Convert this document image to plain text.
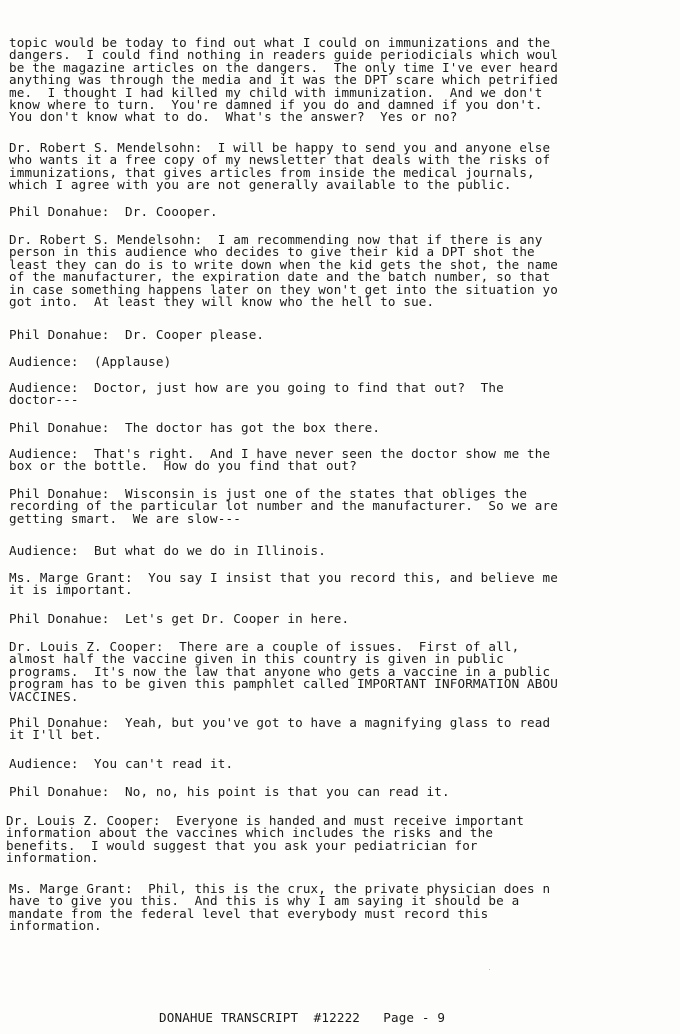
topic would be today to find out what I could on immunizations and the
dangers.  I could find nothing in readers guide periodicials which woul
be the magazine articles on the dangers.  The only time I've ever heard
anything was through the media and it was the DPT scare which petrified
me.  I thought I had killed my child with immunization.  And we don't
know where to turn.  You're damned if you do and damned if you don't.
You don't know what to do.  What's the answer?  Yes or no?
Dr. Robert S. Mendelsohn:  I will be happy to send you and anyone else
who wants it a free copy of my newsletter that deals with the risks of
immunizations, that gives articles from inside the medical journals,
which I agree with you are not generally available to the public.
Phil Donahue:  Dr. Coooper.
Dr. Robert S. Mendelsohn:  I am recommending now that if there is any
person in this audience who decides to give their kid a DPT shot the
least they can do is to write down when the kid gets the shot, the name
of the manufacturer, the expiration date and the batch number, so that
in case something happens later on they won't get into the situation yo
got into.  At least they will know who the hell to sue.
Phil Donahue:  Dr. Cooper please.
Audience:  (Applause)
Audience:  Doctor, just how are you going to find that out?  The
doctor---
Phil Donahue:  The doctor has got the box there.
Audience:  That's right.  And I have never seen the doctor show me the
box or the bottle.  How do you find that out?
Phil Donahue:  Wisconsin is just one of the states that obliges the
recording of the particular lot number and the manufacturer.  So we are
getting smart.  We are slow---
Audience:  But what do we do in Illinois.
Ms. Marge Grant:  You say I insist that you record this, and believe me
it is important.
Phil Donahue:  Let's get Dr. Cooper in here.
Dr. Louis Z. Cooper:  There are a couple of issues.  First of all,
almost half the vaccine given in this country is given in public
programs.  It's now the law that anyone who gets a vaccine in a public
program has to be given this pamphlet called IMPORTANT INFORMATION ABOU
VACCINES.
Phil Donahue:  Yeah, but you've got to have a magnifying glass to read
it I'll bet.
Audience:  You can't read it.
Phil Donahue:  No, no, his point is that you can read it.
Dr. Louis Z. Cooper:  Everyone is handed and must receive important
information about the vaccines which includes the risks and the
benefits.  I would suggest that you ask your pediatrician for
information.
Ms. Marge Grant:  Phil, this is the crux, the private physician does n
have to give you this.  And this is why I am saying it should be a
mandate from the federal level that everybody must record this
information.
DONAHUE TRANSCRIPT  #12222   Page - 9
